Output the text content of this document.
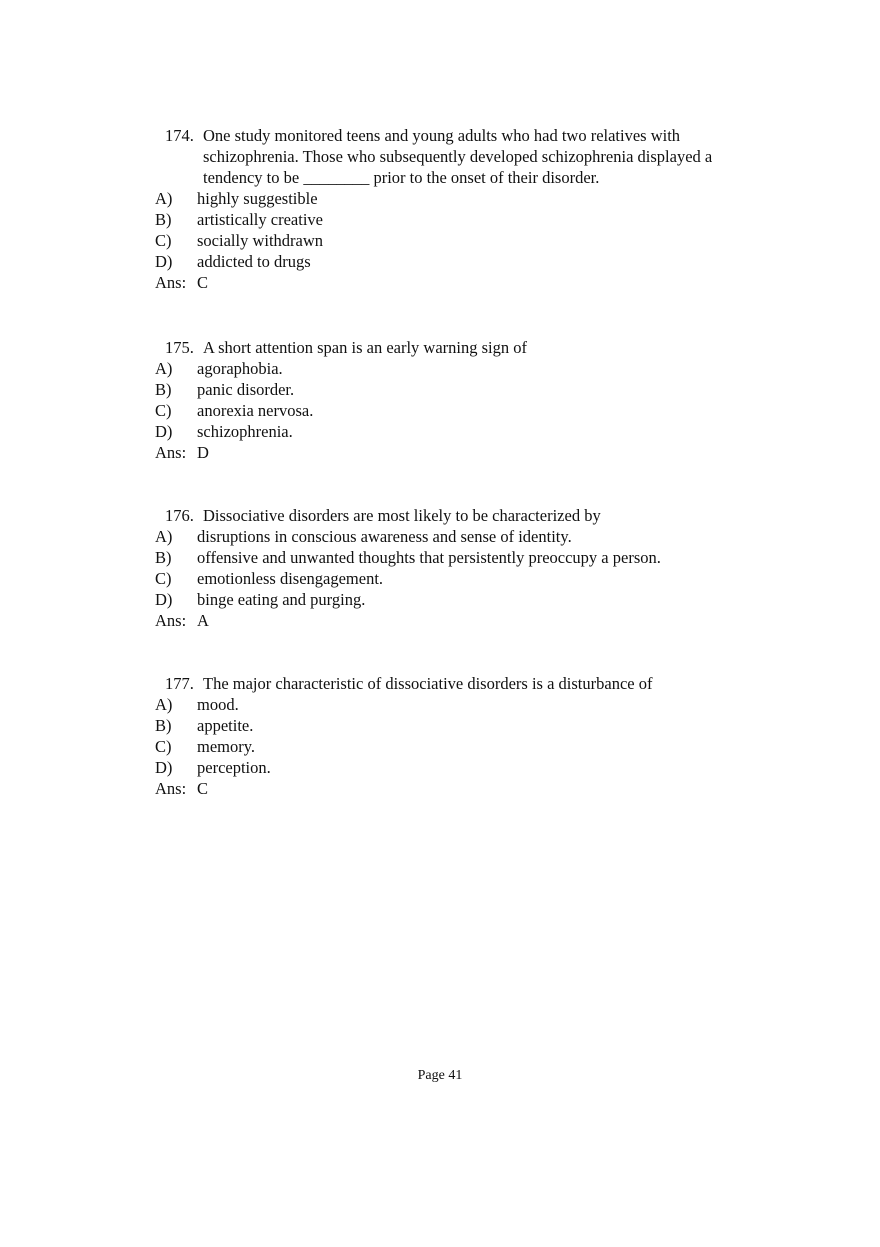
174. One study monitored teens and young adults who had two relatives with schizophrenia. Those who subsequently developed schizophrenia displayed a tendency to be ________ prior to the onset of their disorder.
A) highly suggestible
B) artistically creative
C) socially withdrawn
D) addicted to drugs
Ans: C
175. A short attention span is an early warning sign of
A) agoraphobia.
B) panic disorder.
C) anorexia nervosa.
D) schizophrenia.
Ans: D
176. Dissociative disorders are most likely to be characterized by
A) disruptions in conscious awareness and sense of identity.
B) offensive and unwanted thoughts that persistently preoccupy a person.
C) emotionless disengagement.
D) binge eating and purging.
Ans: A
177. The major characteristic of dissociative disorders is a disturbance of
A) mood.
B) appetite.
C) memory.
D) perception.
Ans: C
Page 41
